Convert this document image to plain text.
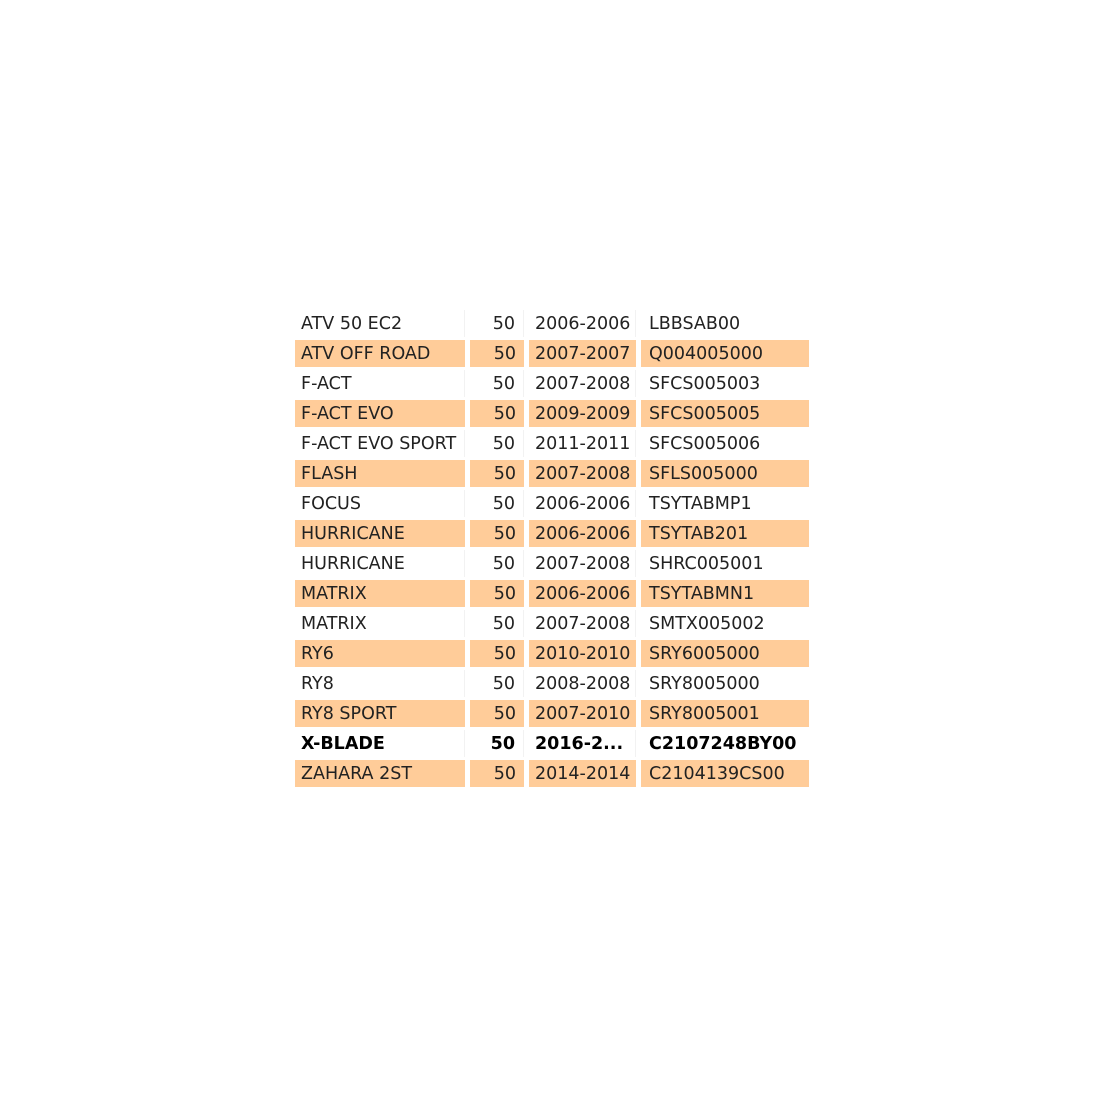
ATV 50 EC2	50	2006-2006	LBBSAB00
ATV OFF ROAD	50	2007-2007	Q004005000
F-ACT	50	2007-2008	SFCS005003
F-ACT EVO	50	2009-2009	SFCS005005
F-ACT EVO SPORT	50	2011-2011	SFCS005006
FLASH	50	2007-2008	SFLS005000
FOCUS	50	2006-2006	TSYTABMP1
HURRICANE	50	2006-2006	TSYTAB201
HURRICANE	50	2007-2008	SHRC005001
MATRIX	50	2006-2006	TSYTABMN1
MATRIX	50	2007-2008	SMTX005002
RY6	50	2010-2010	SRY6005000
RY8	50	2008-2008	SRY8005000
RY8 SPORT	50	2007-2010	SRY8005001
X-BLADE	50	2016-2...	C2107248BY00
ZAHARA 2ST	50	2014-2014	C2104139CS00
